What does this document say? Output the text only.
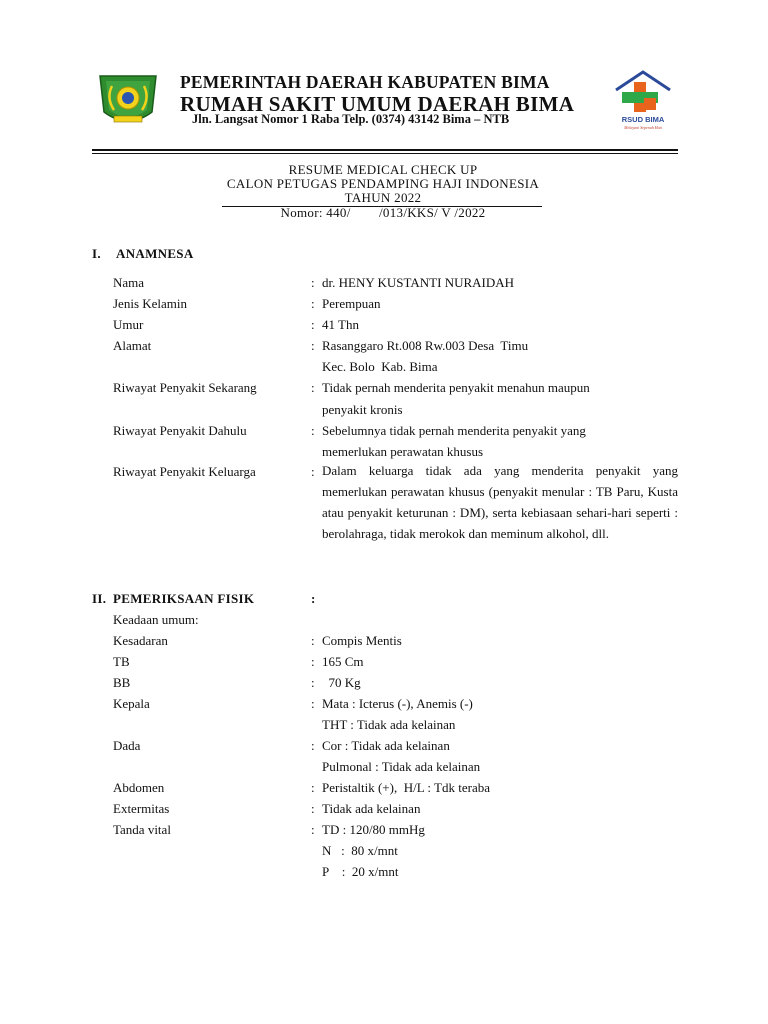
PEMERINTAH DAERAH KABUPATEN BIMA
RUMAH SAKIT UMUM DAERAH BIMA
Jln. Langsat Nomor 1 Raba Telp. (0374) 43142 Bima – NTB	RSUD BIMA
Melayani Sepenuh Hati
RESUME MEDICAL CHECK UP
CALON PETUGAS PENDAMPING HAJI INDONESIA
TAHUN 2022
Nomor: 440/        /013/KKS/ V /2022
I. ANAMNESA
Nama	: dr. HENY KUSTANTI NURAIDAH
Jenis Kelamin	: Perempuan
Umur	: 41 Thn
Alamat	: Rasanggaro Rt.008 Rw.003 Desa  Timu
Kec. Bolo  Kab. Bima
Riwayat Penyakit Sekarang	: Tidak pernah menderita penyakit menahun maupun
penyakit kronis
Riwayat Penyakit Dahulu	: Sebelumnya tidak pernah menderita penyakit yang
memerlukan perawatan khusus
Riwayat Penyakit Keluarga	: Dalam keluarga tidak ada yang menderita penyakit yang memerlukan perawatan khusus (penyakit menular : TB Paru, Kusta atau penyakit keturunan : DM), serta kebiasaan sehari-hari seperti : berolahraga, tidak merokok dan meminum alkohol, dll.
II. PEMERIKSAAN FISIK	:
Keadaan umum:
Kesadaran	: Compis Mentis
TB	: 165 Cm
BB	: 70 Kg
Kepala	: Mata : Icterus (-), Anemis (-)
THT : Tidak ada kelainan
Dada	: Cor : Tidak ada kelainan
Pulmonal : Tidak ada kelainan
Abdomen	: Peristaltik (+),  H/L : Tdk teraba
Extermitas	: Tidak ada kelainan
Tanda vital	: TD : 120/80 mmHg
N   :  80 x/mnt
P    :  20 x/mnt
